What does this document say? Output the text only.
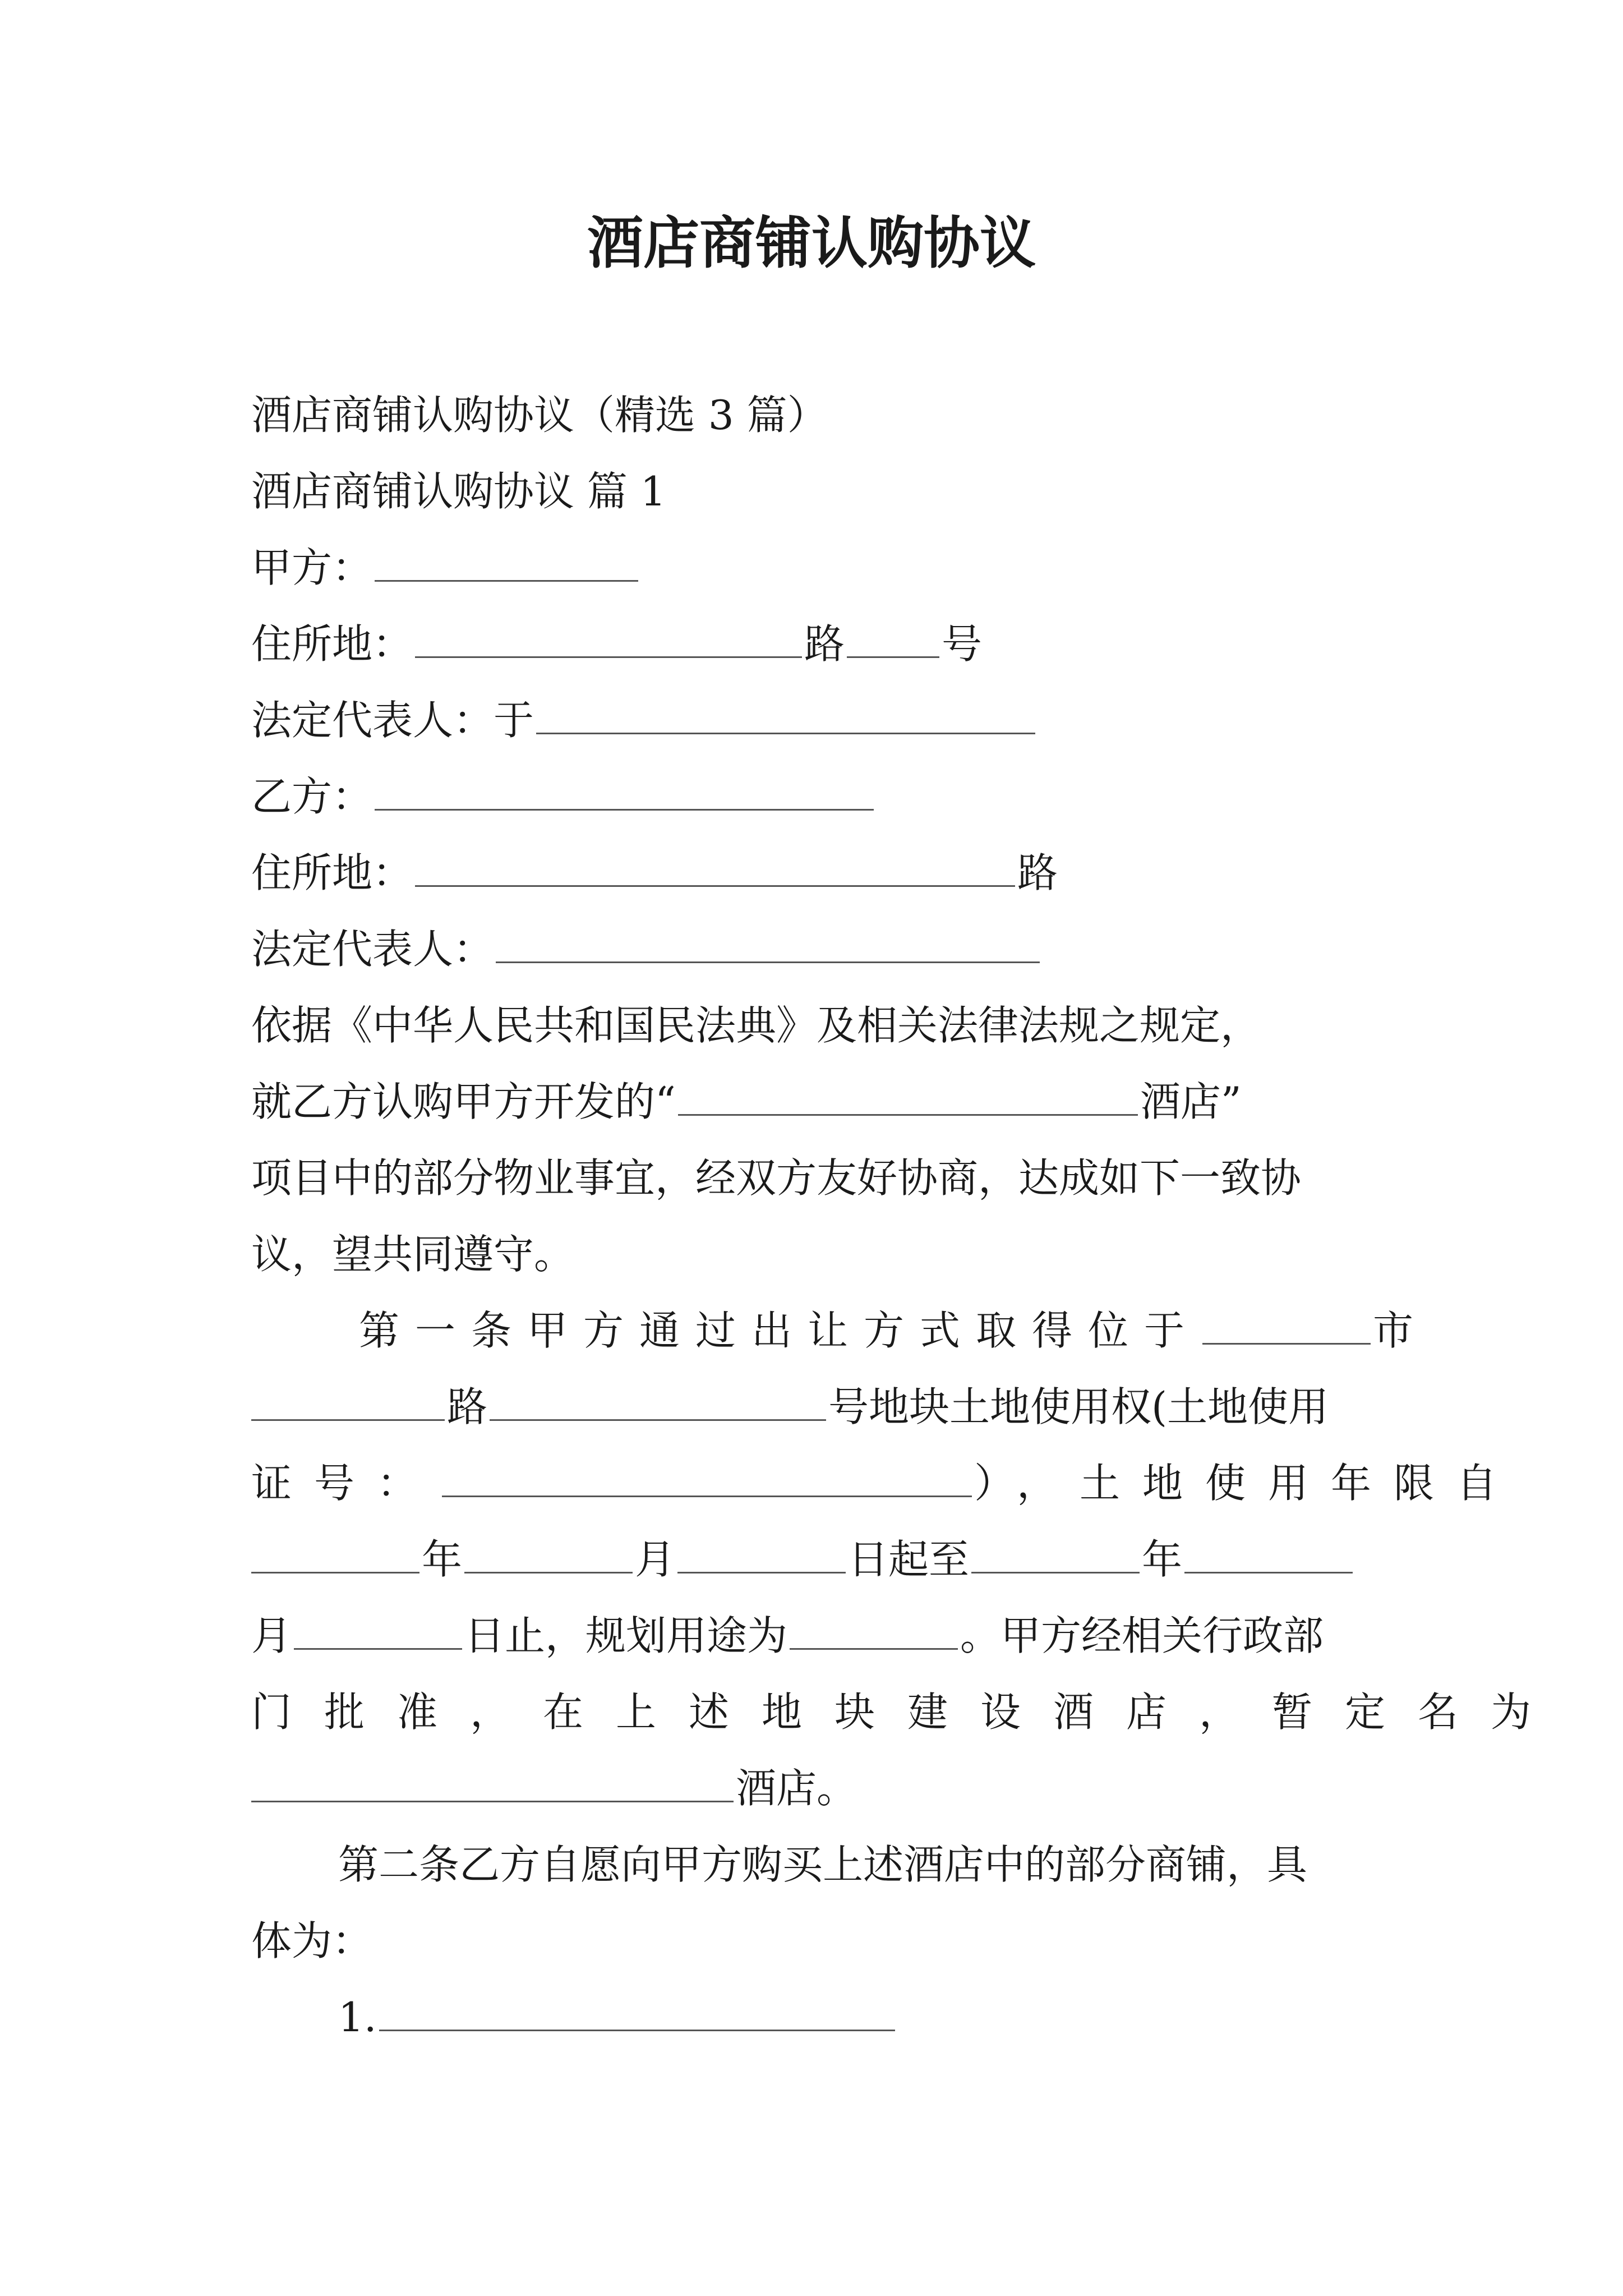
酒店商铺认购协议
酒店商铺认购协议（精选 3 篇）
酒店商铺认购协议 篇 1
甲方：
住所地：	路 号
法定代表人：于
乙方：
住所地：	路
法定代表人：
依据《中华人民共和国民法典》及相关法律法规之规定，
就乙方认购甲方开发的“	酒店”
项目中的部分物业事宜，经双方友好协商，达成如下一致协
议，望共同遵守。
第一条甲方通过出让方式取得位于	市
路	号地块土地使用权(土地使用
证号：	），土地使用年限自
年	月	日起至	年
月	日止，规划用途为	。甲方经相关行政部
门批准，在上述地块建设酒店，暂定名为
酒店。
第二条乙方自愿向甲方购买上述酒店中的部分商铺，具
体为：
1.
